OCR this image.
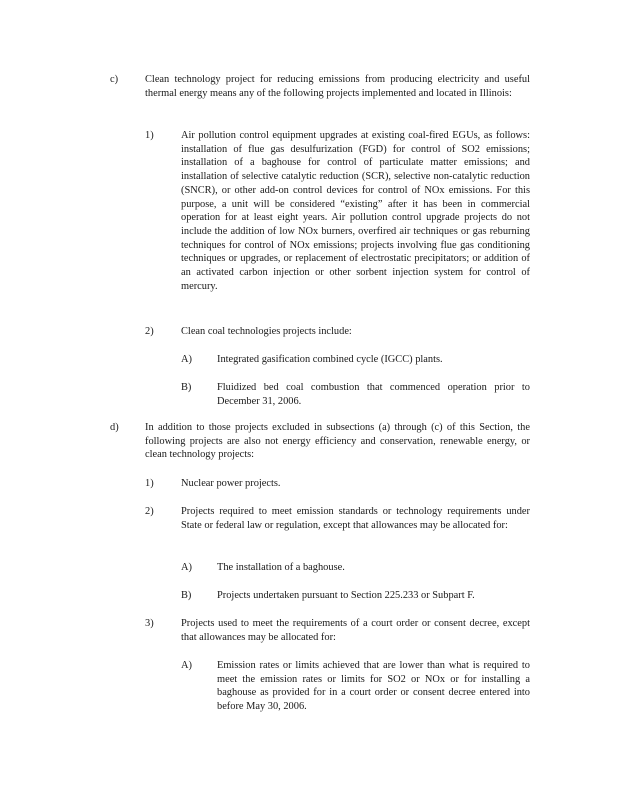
c)	Clean technology project for reducing emissions from producing electricity and useful thermal energy means any of the following projects implemented and located in Illinois:
1)	Air pollution control equipment upgrades at existing coal-fired EGUs, as follows: installation of flue gas desulfurization (FGD) for control of SO2 emissions; installation of a baghouse for control of particulate matter emissions; and installation of selective catalytic reduction (SCR), selective non-catalytic reduction (SNCR), or other add-on control devices for control of NOx emissions. For this purpose, a unit will be considered “existing” after it has been in commercial operation for at least eight years. Air pollution control upgrade projects do not include the addition of low NOx burners, overfired air techniques or gas reburning techniques for control of NOx emissions; projects involving flue gas conditioning techniques or upgrades, or replacement of electrostatic precipitators; or addition of an activated carbon injection or other sorbent injection system for control of mercury.
2)	Clean coal technologies projects include:
A) Integrated gasification combined cycle (IGCC) plants.
B) Fluidized bed coal combustion that commenced operation prior to December 31, 2006.
d)	In addition to those projects excluded in subsections (a) through (c) of this Section, the following projects are also not energy efficiency and conservation, renewable energy, or clean technology projects:
1)	Nuclear power projects.
2)	Projects required to meet emission standards or technology requirements under State or federal law or regulation, except that allowances may be allocated for:
A) The installation of a baghouse.
B) Projects undertaken pursuant to Section 225.233 or Subpart F.
3)	Projects used to meet the requirements of a court order or consent decree, except that allowances may be allocated for:
A) Emission rates or limits achieved that are lower than what is required to meet the emission rates or limits for SO2 or NOx or for installing a baghouse as provided for in a court order or consent decree entered into before May 30, 2006.
